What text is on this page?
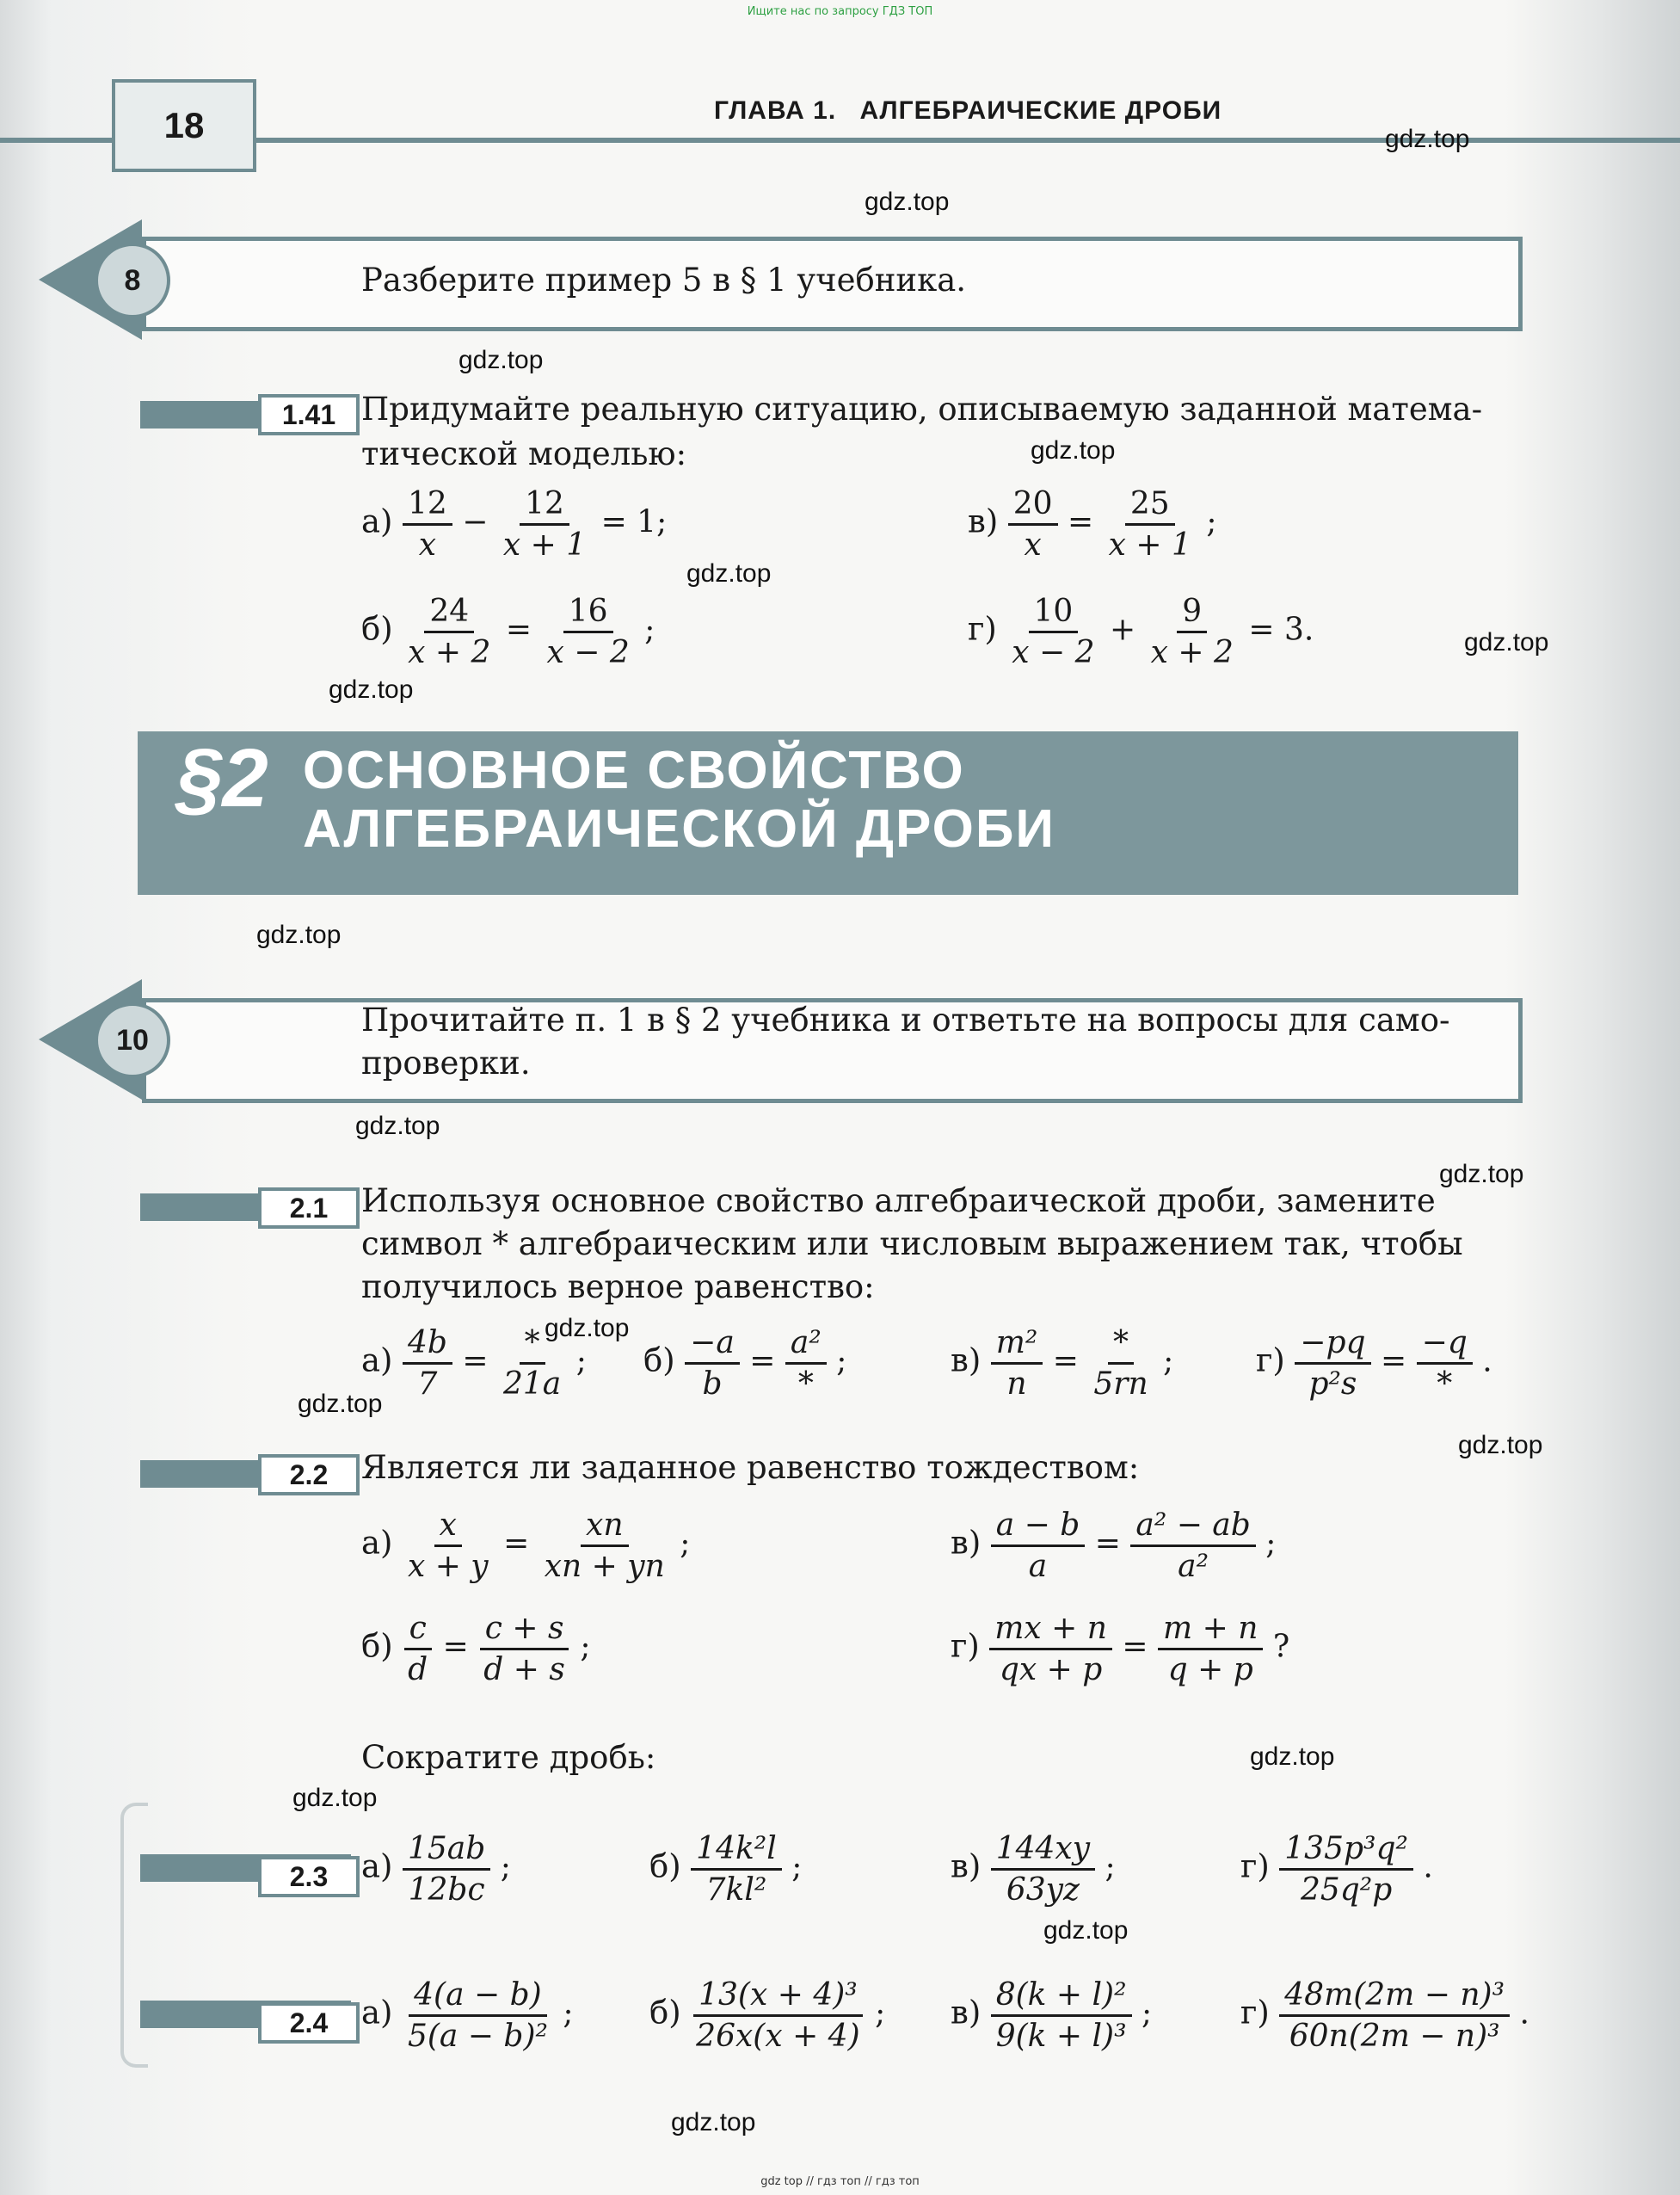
Ищите нас по запросу ГДЗ ТОП
18	ГЛАВА 1. АЛГЕБРАИЧЕСКИЕ ДРОБИ
gdz.top
gdz.top
gdz.top
gdz.top
gdz.top
gdz.top
gdz.top
gdz.top
gdz.top
gdz.top
gdz.top
gdz.top
gdz.top
gdz.top
gdz.top
gdz.top
gdz.top
8	Разберите пример 5 в § 1 учебника.
1.41 Придумайте реальную ситуацию, описываемую заданной матема-
тической моделью:
$а) \frac{12}{x} - \frac{12}{x + 1} = 1$;	$в) \frac{20}{x} = \frac{25}{x + 1}$ ;
$б) \frac{24}{x + 2} = \frac{16}{x - 2}$ ;	$г) \frac{10}{x - 2} + \frac{9}{x + 2} = 3$.
§2 ОСНОВНОЕ СВОЙСТВО
АЛГЕБРАИЧЕСКОЙ ДРОБИ
10
Прочитайте п. 1 в § 2 учебника и ответьте на вопросы для само-
проверки.
2.1	Используя основное свойство алгебраической дроби, замените
символ * алгебраическим или числовым выражением так, чтобы
получилось верное равенство:
$а) \frac{4b}{7} = \frac{*}{21a}$ ; $б) \frac{-a}{b} = \frac{\text{a²}}{*}$ ;	$в) \frac{\text{m²}}{n} = \frac{*}{5rn}$ ;	$г) \frac{-pq}{\text{p²s}} = \frac{-q}{*}$ .
2.2	Является ли заданное равенство тождеством:
$а) \frac{x}{x + y} = \frac{xn}{xn + yn}$ ;	$в) \frac{a - b}{a} = \frac{\text{a² − ab}}{\text{a²}}$ ;
$б) \frac{c}{d} = \frac{c + s}{d + s}$ ;	$г) \frac{mx + n}{qx + p} = \frac{m + n}{q + p}$ ?
Сократите дробь:
2.3	$а) \frac{15ab}{12bc}$ ;	$б) \frac{\text{14k²l}}{\text{7kl²}}$ ;	$в) \frac{144xy}{63yz}$ ;	$г) \frac{\text{135p³q²}}{\text{25q²p}}$ .
2.4	$а) \frac{4(a - b)}{\text{5(a − b)²}}$ ; $б) \frac{\text{13(x + 4)³}}{26x(x + 4)}$ ; $в) \frac{\text{8(k + l)²}}{\text{9(k + l)³}}$ ;	$г) \frac{\text{48m(2m − n)³}}{\text{60n(2m − n)³}}$ .
gdz top // гдз топ // гдз топ
